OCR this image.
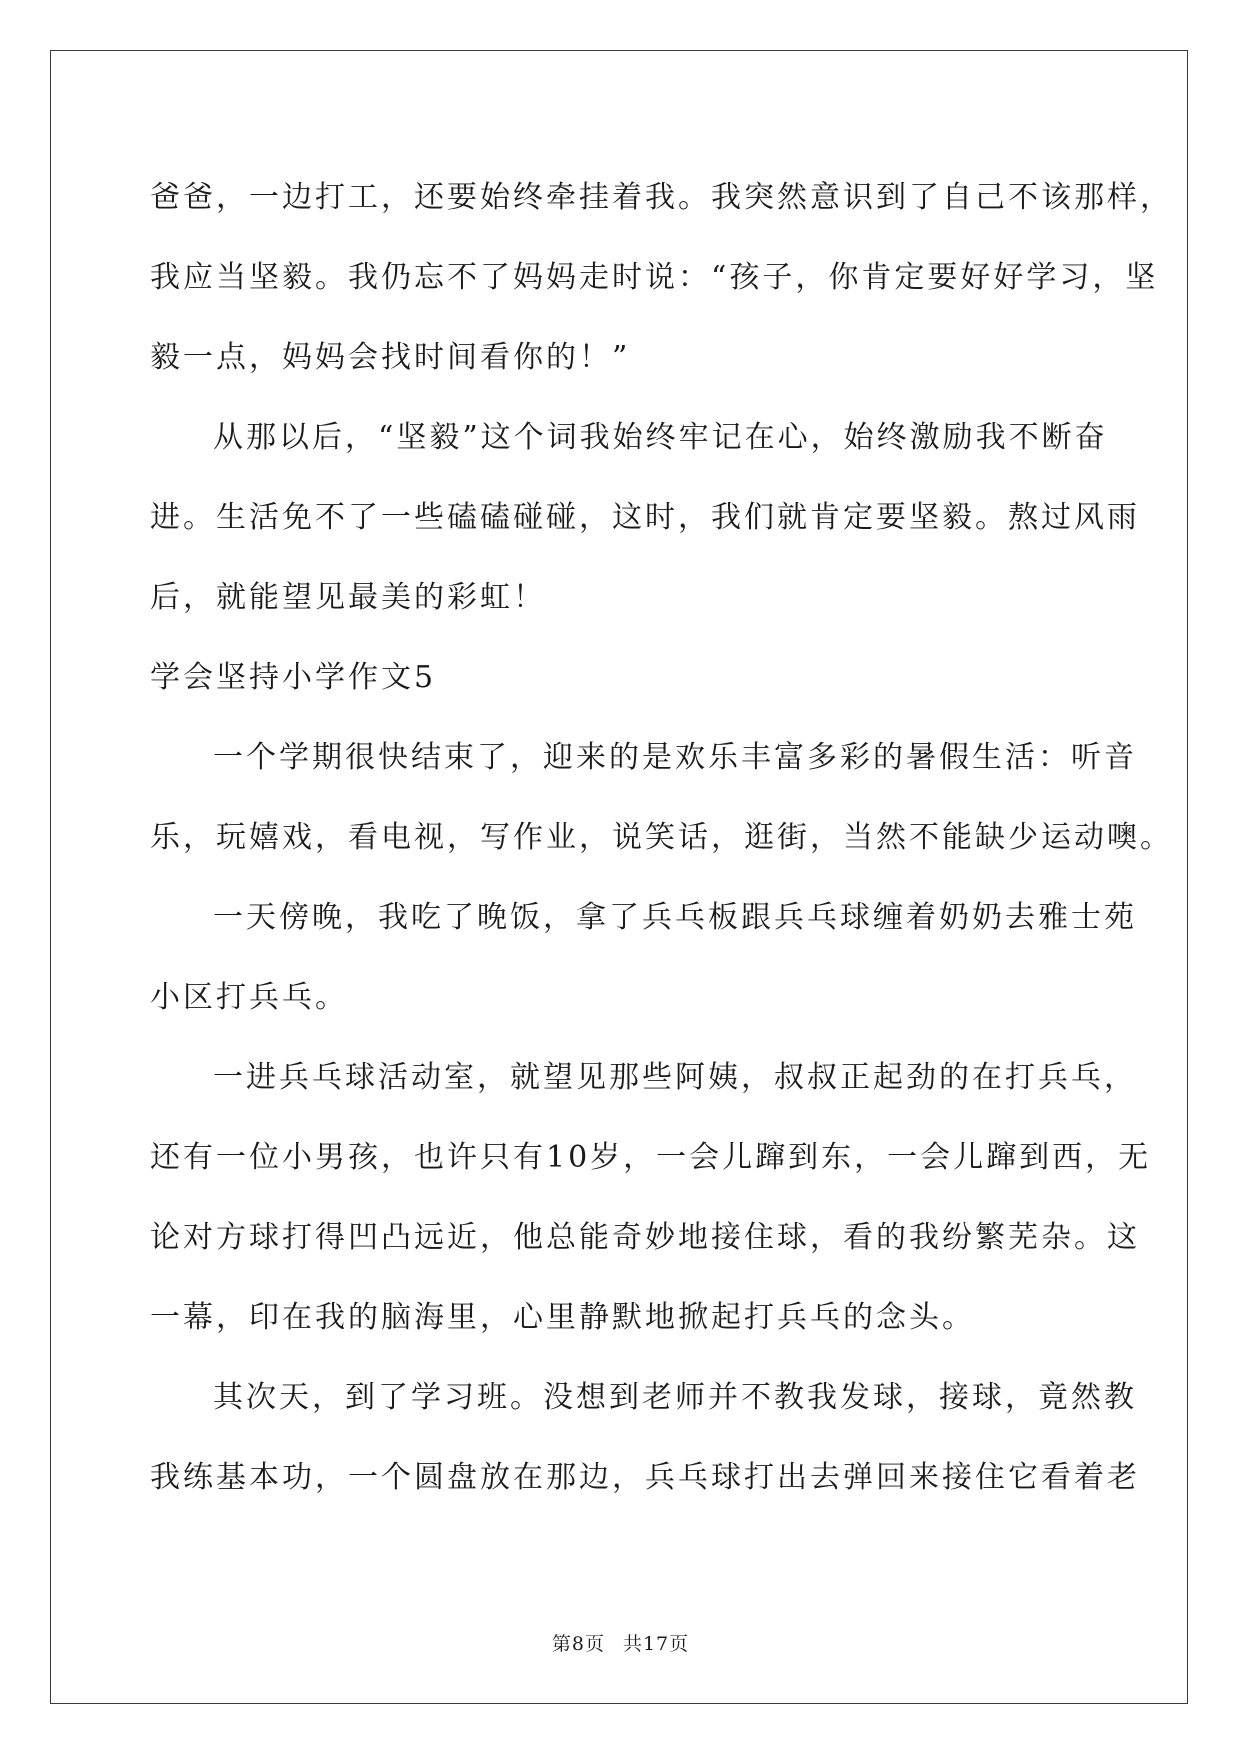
爸爸，一边打工，还要始终牵挂着我。我突然意识到了自己不该那样，
我应当坚毅。我仍忘不了妈妈走时说：“孩子，你肯定要好好学习，坚
毅一点，妈妈会找时间看你的！”
从那以后，“坚毅”这个词我始终牢记在心，始终激励我不断奋
进。生活免不了一些磕磕碰碰，这时，我们就肯定要坚毅。熬过风雨
后，就能望见最美的彩虹！
学会坚持小学作文5
一个学期很快结束了，迎来的是欢乐丰富多彩的暑假生活：听音
乐，玩嬉戏，看电视，写作业，说笑话，逛街，当然不能缺少运动噢。
一天傍晚，我吃了晚饭，拿了兵乓板跟兵乓球缠着奶奶去雅士苑
小区打兵乓。
一进兵乓球活动室，就望见那些阿姨，叔叔正起劲的在打兵乓，
还有一位小男孩，也许只有10岁，一会儿蹿到东，一会儿蹿到西，无
论对方球打得凹凸远近，他总能奇妙地接住球，看的我纷繁芜杂。这
一幕，印在我的脑海里，心里静默地掀起打兵乓的念头。
其次天，到了学习班。没想到老师并不教我发球，接球，竟然教
我练基本功，一个圆盘放在那边，兵乓球打出去弹回来接住它看着老
第8页 共17页
